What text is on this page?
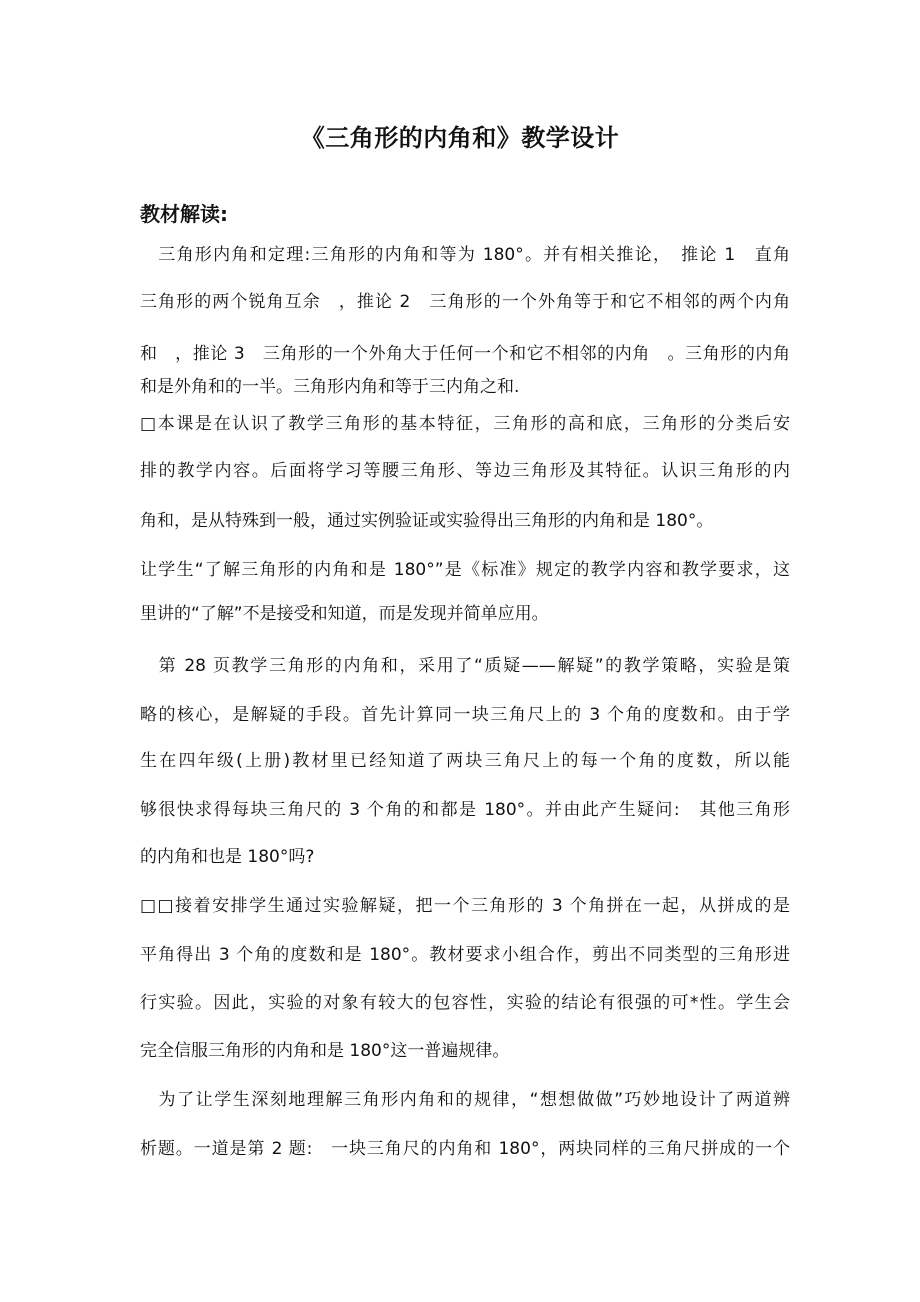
《三角形的内角和》教学设计
教材解读:
　三角形内角和定理:三角形的内角和等为 180°。并有相关推论，　推论 1　直角
三角形的两个锐角互余　，推论 2　三角形的一个外角等于和它不相邻的两个内角
和　，推论 3　三角形的一个外角大于任何一个和它不相邻的内角　。三角形的内角
和是外角和的一半。三角形内角和等于三内角之和.
□本课是在认识了教学三角形的基本特征，三角形的高和底，三角形的分类后安
排的教学内容。后面将学习等腰三角形、等边三角形及其特征。认识三角形的内
角和，是从特殊到一般，通过实例验证或实验得出三角形的内角和是 180°。
让学生“了解三角形的内角和是 180°”是《标准》规定的教学内容和教学要求，这
里讲的“了解”不是接受和知道，而是发现并简单应用。
　第 28 页教学三角形的内角和，采用了“质疑——解疑”的教学策略，实验是策
略的核心，是解疑的手段。首先计算同一块三角尺上的 3 个角的度数和。由于学
生在四年级(上册)教材里已经知道了两块三角尺上的每一个角的度数，所以能
够很快求得每块三角尺的 3 个角的和都是 180°。并由此产生疑问:　其他三角形
的内角和也是 180°吗?
□□接着安排学生通过实验解疑，把一个三角形的 3 个角拼在一起，从拼成的是
平角得出 3 个角的度数和是 180°。教材要求小组合作，剪出不同类型的三角形进
行实验。因此，实验的对象有较大的包容性，实验的结论有很强的可*性。学生会
完全信服三角形的内角和是 180°这一普遍规律。
　为了让学生深刻地理解三角形内角和的规律，“想想做做”巧妙地设计了两道辨
析题。一道是第 2 题:　一块三角尺的内角和 180°，两块同样的三角尺拼成的一个
